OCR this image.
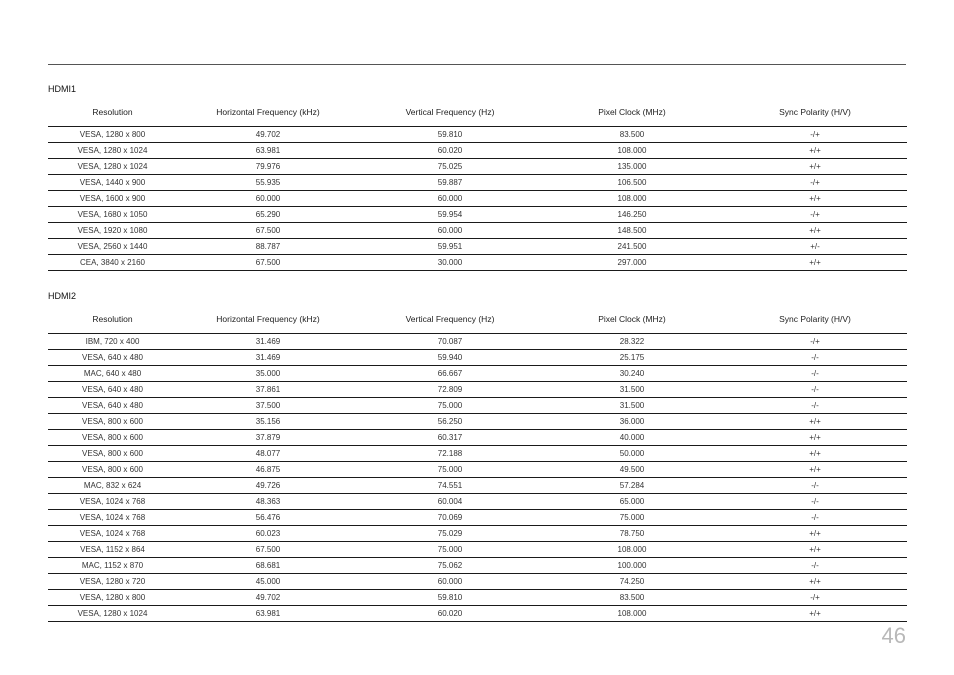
HDMI1
Resolution	Horizontal Frequency (kHz)	Vertical Frequency (Hz)	Pixel Clock (MHz)	Sync Polarity (H/V)
VESA, 1280 x 800	49.702	59.810	83.500	-/+
VESA, 1280 x 1024	63.981	60.020	108.000	+/+
VESA, 1280 x 1024	79.976	75.025	135.000	+/+
VESA, 1440 x 900	55.935	59.887	106.500	-/+
VESA, 1600 x 900	60.000	60.000	108.000	+/+
VESA, 1680 x 1050	65.290	59.954	146.250	-/+
VESA, 1920 x 1080	67.500	60.000	148.500	+/+
VESA, 2560 x 1440	88.787	59.951	241.500	+/-
CEA, 3840 x 2160	67.500	30.000	297.000	+/+
HDMI2
Resolution	Horizontal Frequency (kHz)	Vertical Frequency (Hz)	Pixel Clock (MHz)	Sync Polarity (H/V)
IBM, 720 x 400	31.469	70.087	28.322	-/+
VESA, 640 x 480	31.469	59.940	25.175	-/-
MAC, 640 x 480	35.000	66.667	30.240	-/-
VESA, 640 x 480	37.861	72.809	31.500	-/-
VESA, 640 x 480	37.500	75.000	31.500	-/-
VESA, 800 x 600	35.156	56.250	36.000	+/+
VESA, 800 x 600	37.879	60.317	40.000	+/+
VESA, 800 x 600	48.077	72.188	50.000	+/+
VESA, 800 x 600	46.875	75.000	49.500	+/+
MAC, 832 x 624	49.726	74.551	57.284	-/-
VESA, 1024 x 768	48.363	60.004	65.000	-/-
VESA, 1024 x 768	56.476	70.069	75.000	-/-
VESA, 1024 x 768	60.023	75.029	78.750	+/+
VESA, 1152 x 864	67.500	75.000	108.000	+/+
MAC, 1152 x 870	68.681	75.062	100.000	-/-
VESA, 1280 x 720	45.000	60.000	74.250	+/+
VESA, 1280 x 800	49.702	59.810	83.500	-/+
VESA, 1280 x 1024	63.981	60.020	108.000	+/+
46
